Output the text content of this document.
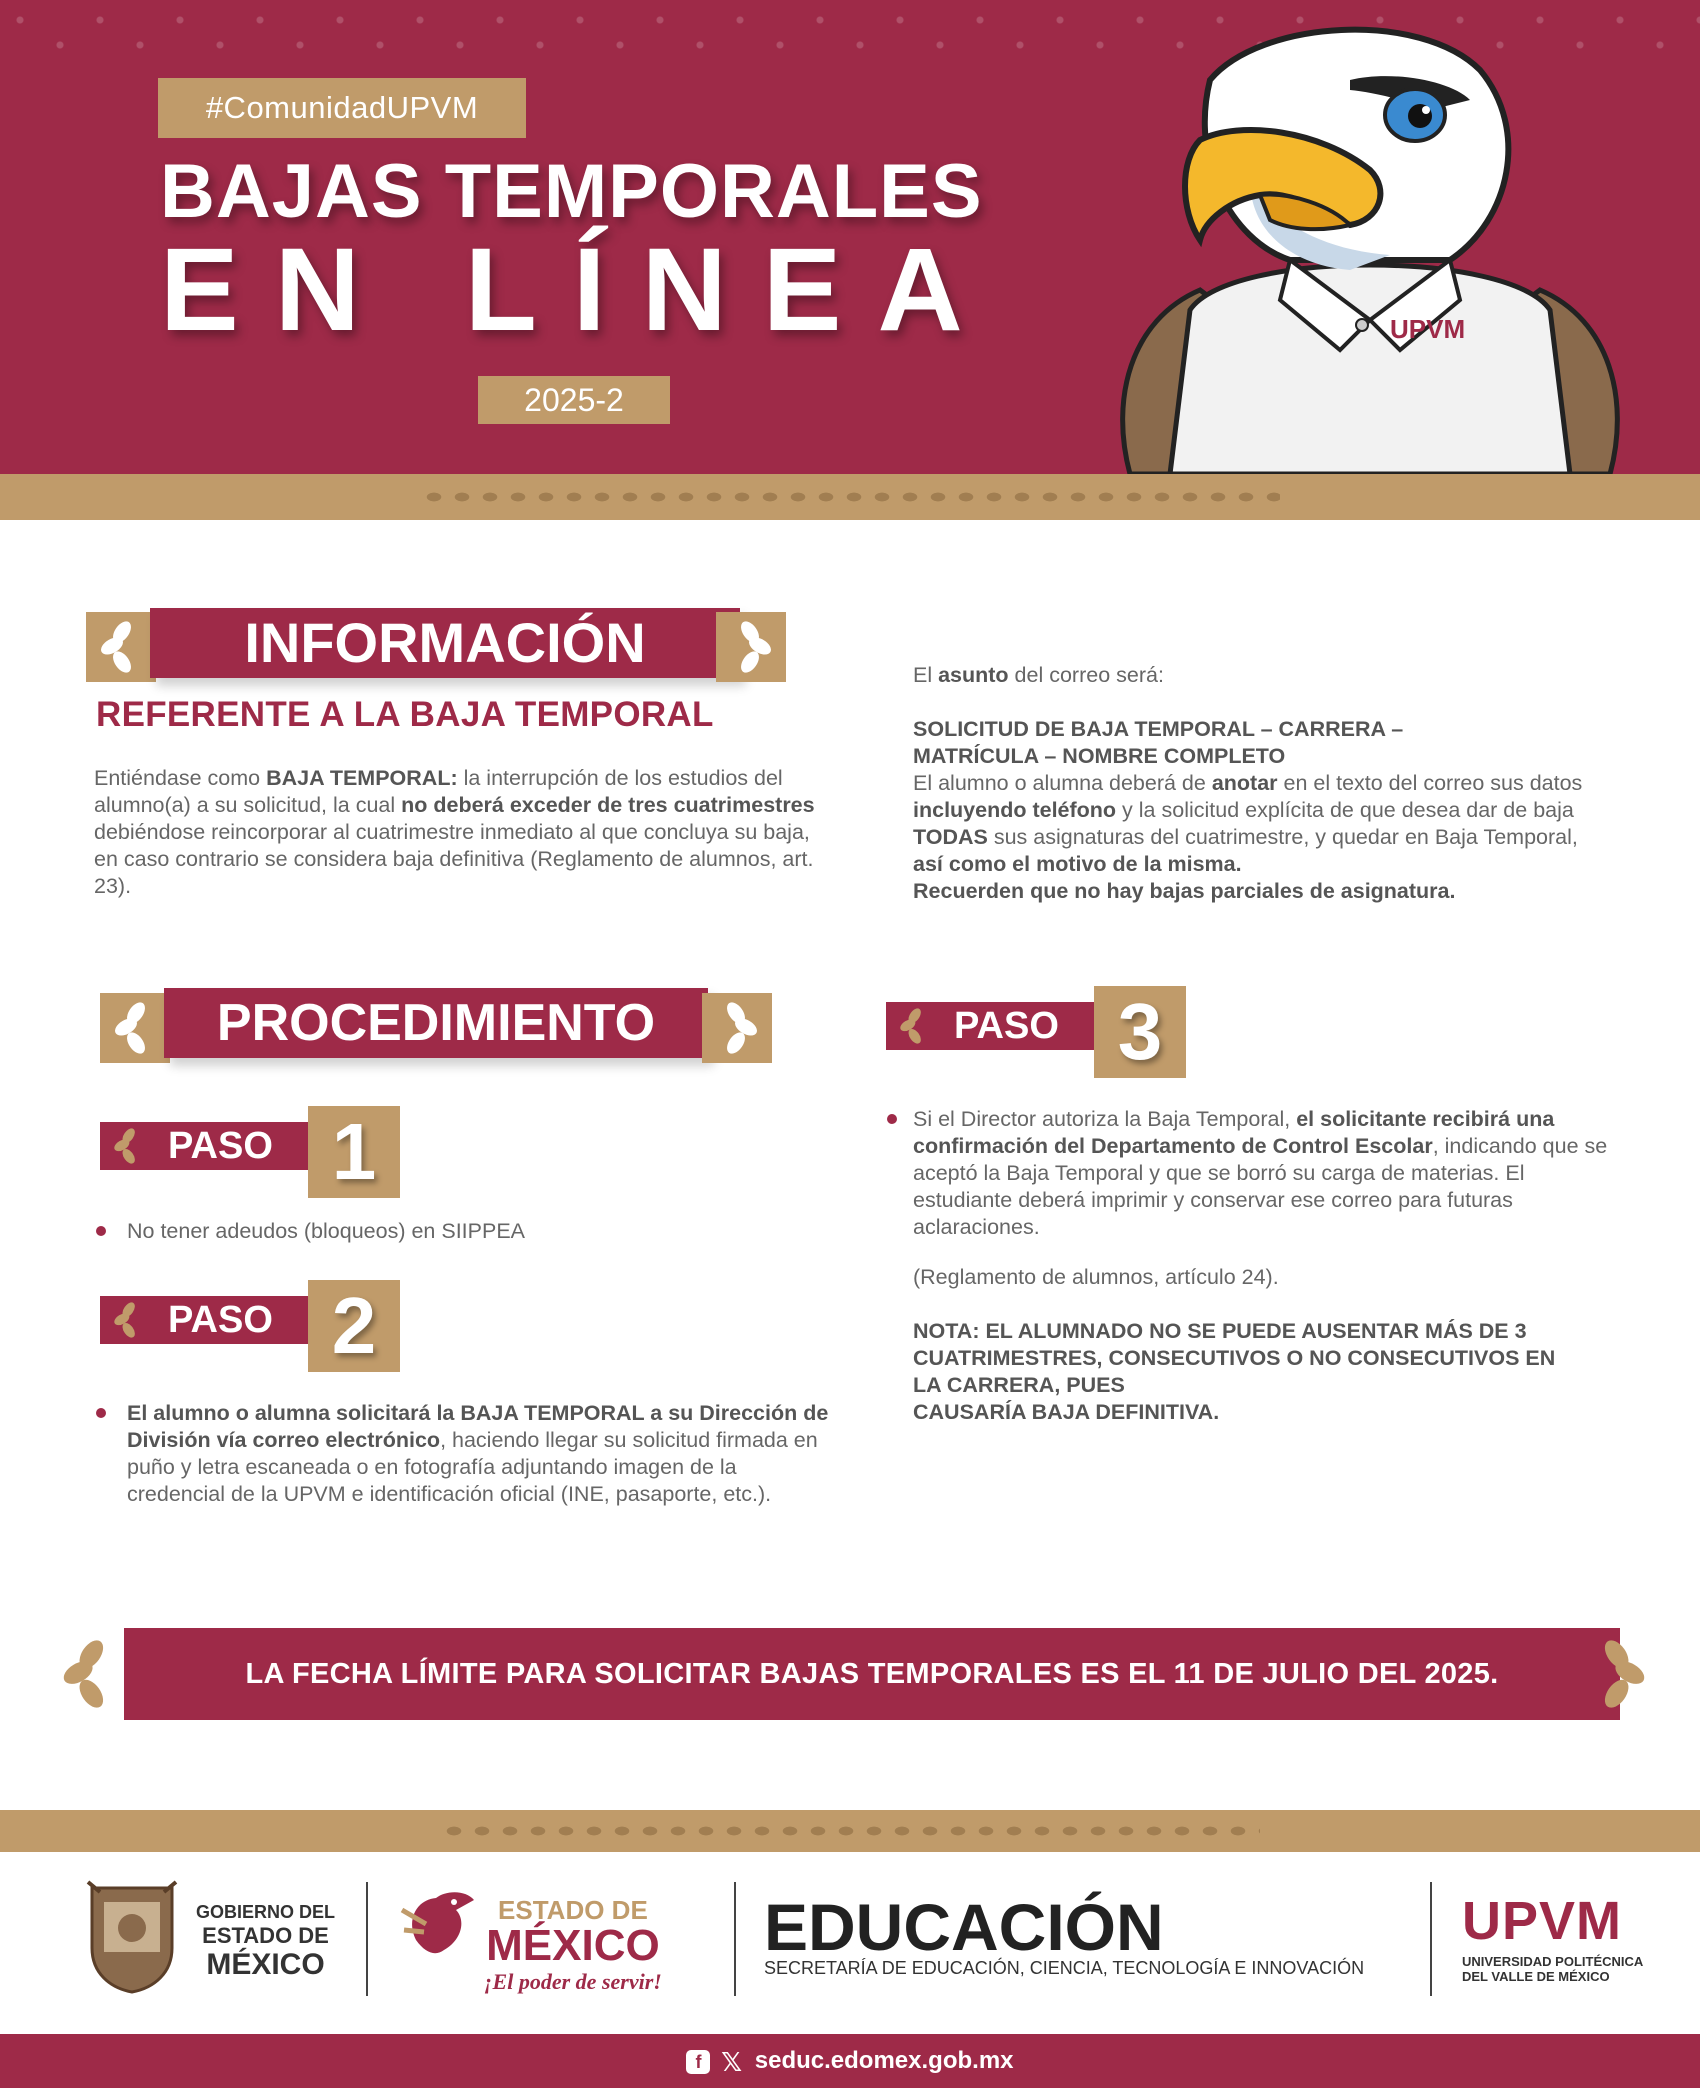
#ComunidadUPVM
BAJAS TEMPORALES
EN LÍNEA
2025-2
UPVM
INFORMACIÓN
REFERENTE A LA BAJA TEMPORAL
Entiéndase como BAJA TEMPORAL: la interrupción de los estudios del alumno(a) a su solicitud, la cual no deberá exceder de tres cuatrimestres debiéndose reincorporar al cuatrimestre inmediato al que concluya su baja, en caso contrario se considera baja definitiva (Reglamento de alumnos, art. 23).
El asunto del correo será:
SOLICITUD DE BAJA TEMPORAL – CARRERA –
MATRÍCULA – NOMBRE COMPLETO
El alumno o alumna deberá de anotar en el texto del correo sus datos incluyendo teléfono y la solicitud explícita de que desea dar de baja TODAS sus asignaturas del cuatrimestre, y quedar en Baja Temporal, así como el motivo de la misma.
Recuerden que no hay bajas parciales de asignatura.
PROCEDIMIENTO
PASO 1
No tener adeudos (bloqueos) en SIIPPEA
PASO 2
El alumno o alumna solicitará la BAJA TEMPORAL a su Dirección de División vía correo electrónico, haciendo llegar su solicitud firmada en puño y letra escaneada o en fotografía adjuntando imagen de la credencial de la UPVM e identificación oficial (INE, pasaporte, etc.).
PASO 3
Si el Director autoriza la Baja Temporal, el solicitante recibirá una confirmación del Departamento de Control Escolar, indicando que se aceptó la Baja Temporal y que se borró su carga de materias. El estudiante deberá imprimir y conservar ese correo para futuras aclaraciones.
(Reglamento de alumnos, artículo 24).
NOTA: EL ALUMNADO NO SE PUEDE AUSENTAR MÁS DE 3
CUATRIMESTRES, CONSECUTIVOS O NO CONSECUTIVOS EN
LA CARRERA, PUES
CAUSARÍA BAJA DEFINITIVA.
LA FECHA LÍMITE PARA SOLICITAR BAJAS TEMPORALES ES EL 11 DE JULIO DEL 2025.
GOBIERNO DEL
ESTADO DE
MÉXICO
ESTADO DE
MÉXICO
¡El poder de servir!
EDUCACIÓN
SECRETARÍA DE EDUCACIÓN, CIENCIA, TECNOLOGÍA E INNOVACIÓN
UPVM
UNIVERSIDAD POLITÉCNICA
DEL VALLE DE MÉXICO
f 𝕏 seduc.edomex.gob.mx
